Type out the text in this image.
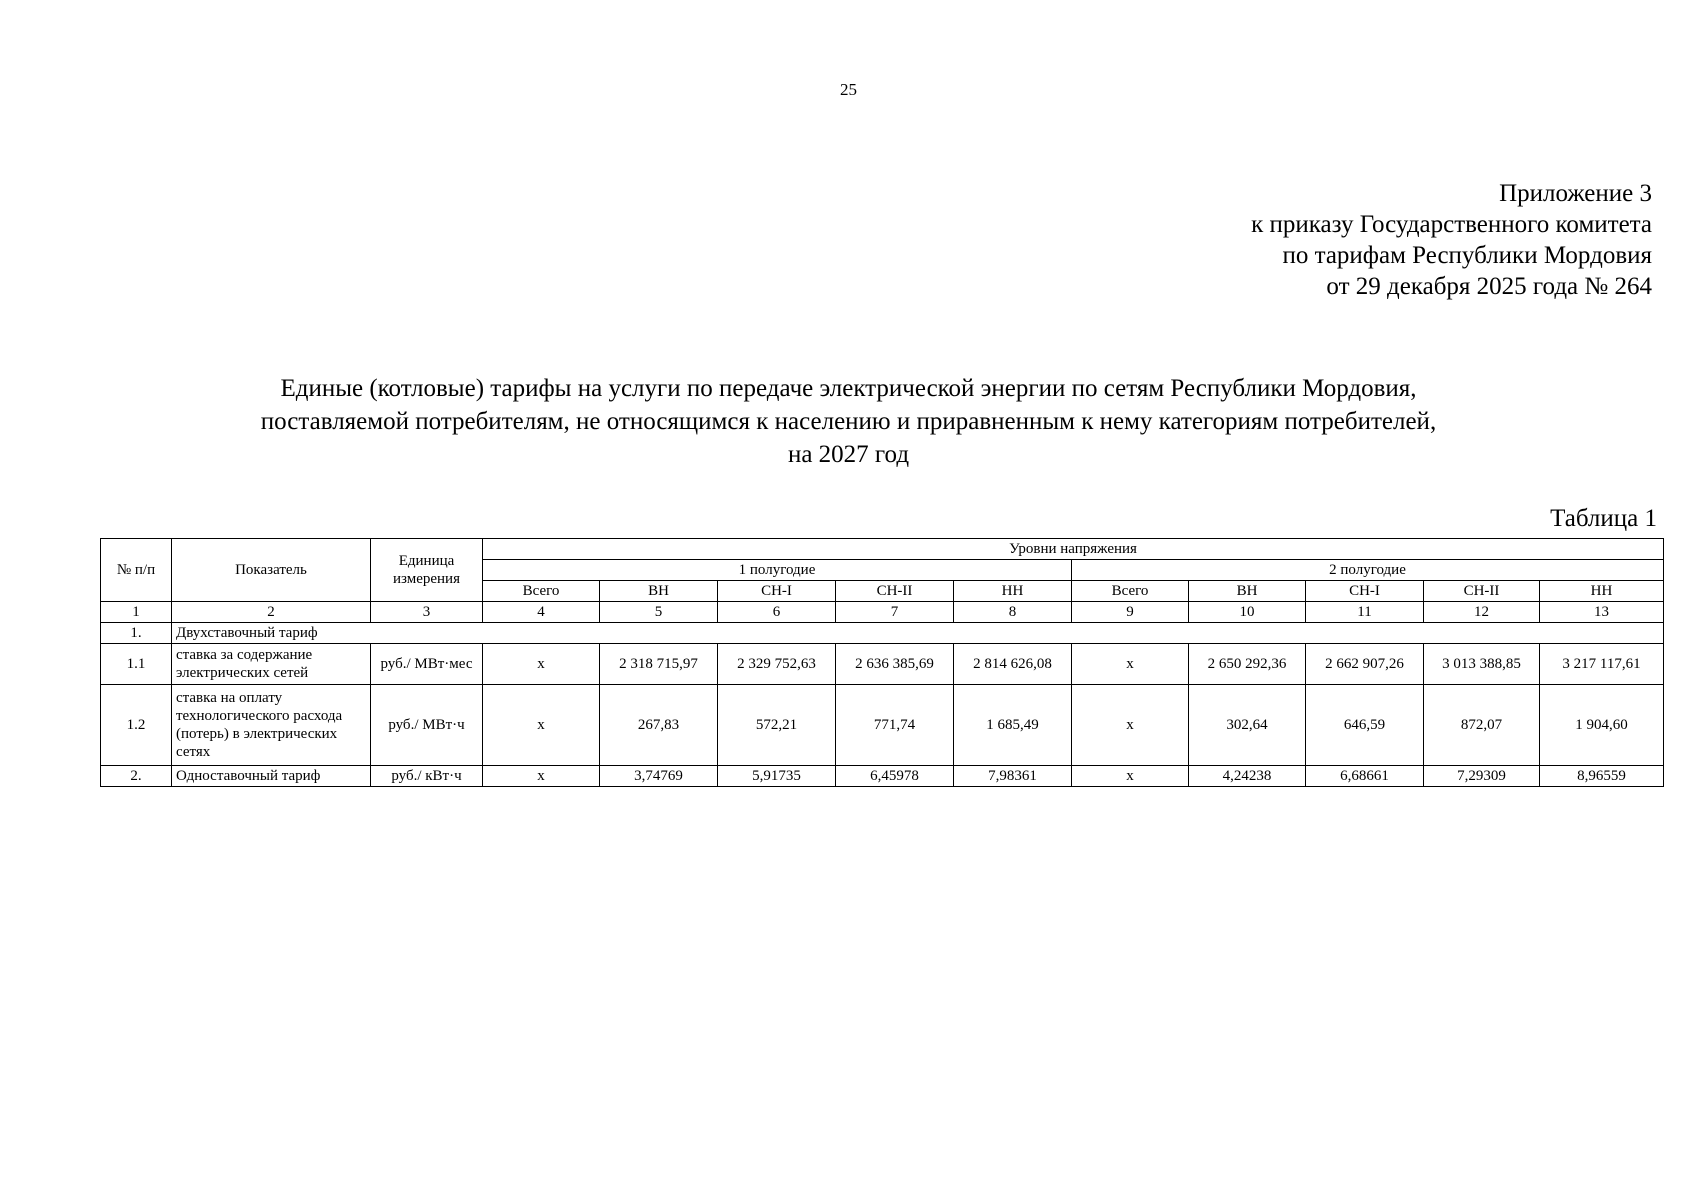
25
Приложение 3
к приказу Государственного комитета
по тарифам Республики Мордовия
от 29 декабря 2025 года № 264
Единые (котловые) тарифы на услуги по передаче электрической энергии по сетям Республики Мордовия,
поставляемой потребителям, не относящимся к населению и приравненным к нему категориям потребителей,
на 2027 год
Таблица 1
№ п/п	Показатель	Единица измерения	Уровни напряжения									
			1 полугодие					2 полугодие				
			Всего	ВН	СН-I	СН-II	НН	Всего	ВН	СН-I	СН-II	НН
1	2	3	4	5	6	7	8	9	10	11	12	13
1.	Двухставочный тариф											
1.1	ставка за содержание электрических сетей	руб./ МВт·мес	х	2 318 715,97	2 329 752,63	2 636 385,69	2 814 626,08	х	2 650 292,36	2 662 907,26	3 013 388,85	3 217 117,61
1.2	ставка на оплату технологического расхода (потерь) в электрических сетях	руб./ МВт·ч	х	267,83	572,21	771,74	1 685,49	х	302,64	646,59	872,07	1 904,60
2.	Одноставочный тариф	руб./ кВт·ч	х	3,74769	5,91735	6,45978	7,98361	х	4,24238	6,68661	7,29309	8,96559
